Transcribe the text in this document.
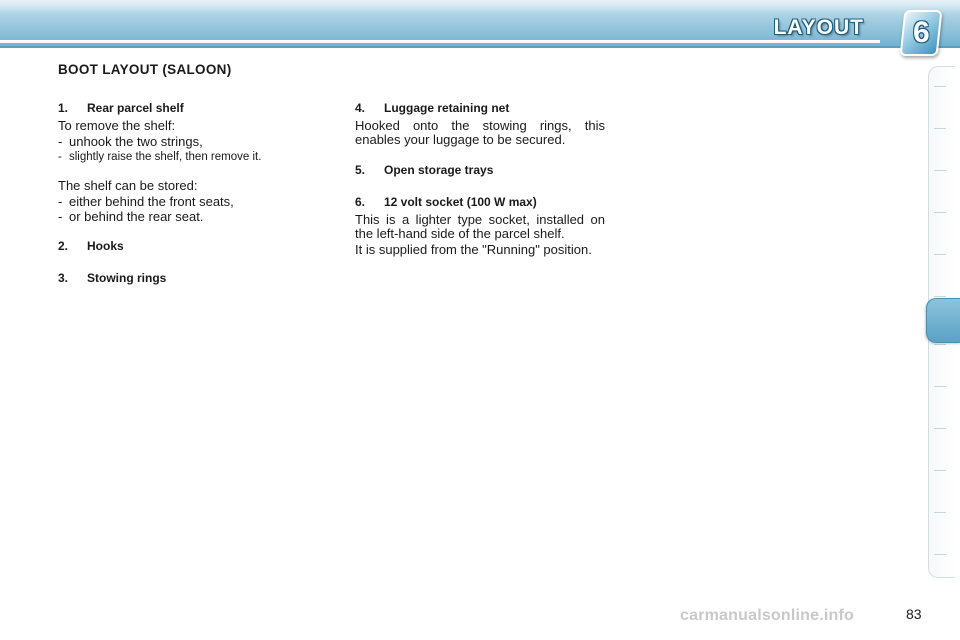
LAYOUT 6
BOOT LAYOUT (SALOON)
1.	Rear parcel shelf
To remove the shelf:
- unhook the two strings,
- slightly raise the shelf, then remove it.
The shelf can be stored:
- either behind the front seats,
- or behind the rear seat.
2.	Hooks
3.	Stowing rings
4.	Luggage retaining net
Hooked onto the stowing rings, this enables your luggage to be secured.
5.	Open storage trays
6.	12 volt socket (100 W max)
This is a lighter type socket, installed on the left-hand side of the parcel shelf.
It is supplied from the "Running" position.
carmanualsonline.info	83
